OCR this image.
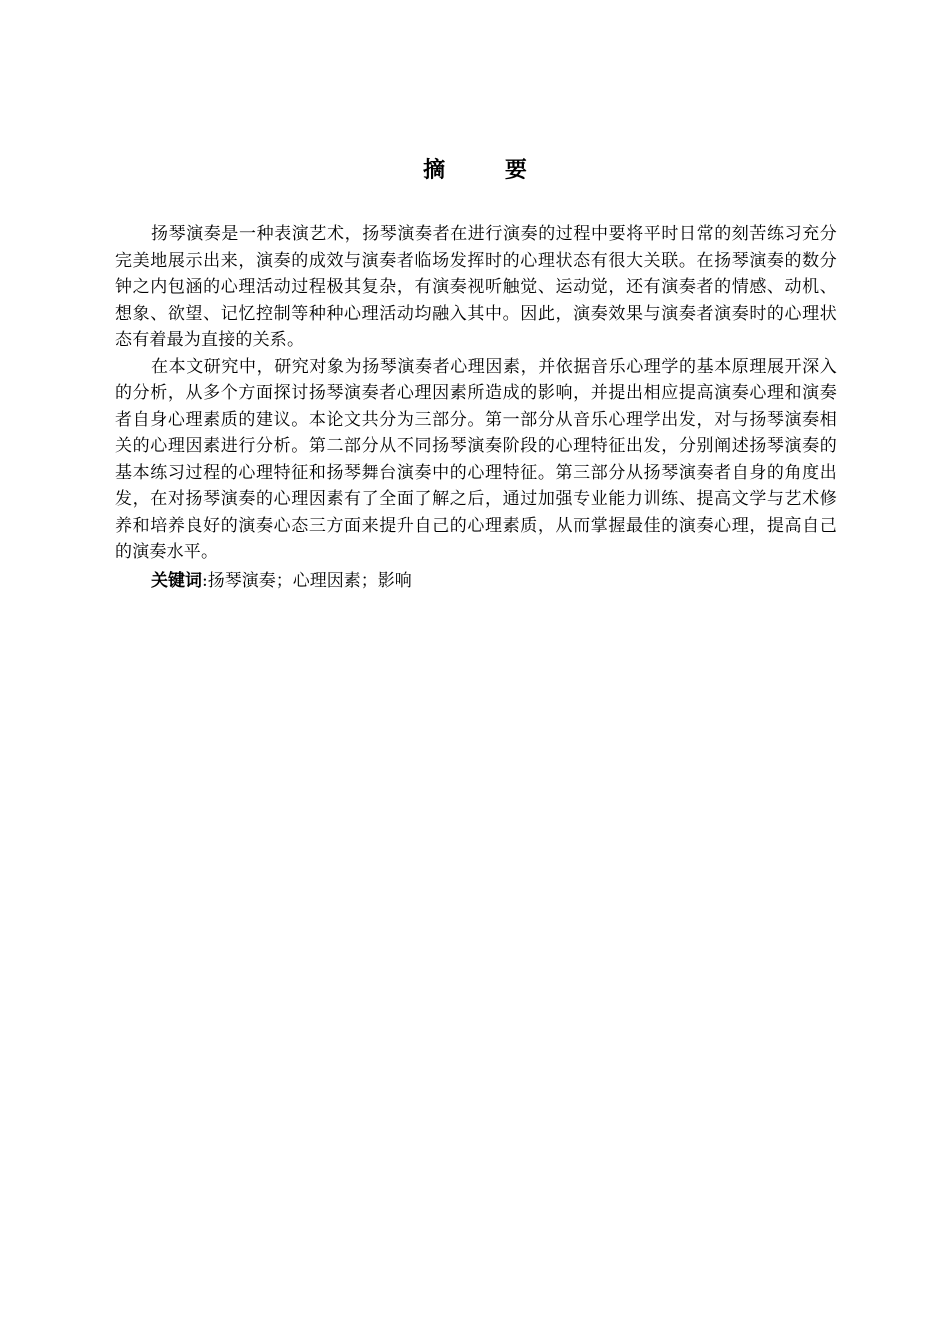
摘 要

扬琴演奏是一种表演艺术，扬琴演奏者在进行演奏的过程中要将平时日常的刻苦练习充分完美地展示出来，演奏的成效与演奏者临场发挥时的心理状态有很大关联。在扬琴演奏的数分钟之内包涵的心理活动过程极其复杂，有演奏视听触觉、运动觉，还有演奏者的情感、动机、想象、欲望、记忆控制等种种心理活动均融入其中。因此，演奏效果与演奏者演奏时的心理状态有着最为直接的关系。

在本文研究中，研究对象为扬琴演奏者心理因素，并依据音乐心理学的基本原理展开深入的分析，从多个方面探讨扬琴演奏者心理因素所造成的影响，并提出相应提高演奏心理和演奏者自身心理素质的建议。本论文共分为三部分。第一部分从音乐心理学出发，对与扬琴演奏相关的心理因素进行分析。第二部分从不同扬琴演奏阶段的心理特征出发，分别阐述扬琴演奏的基本练习过程的心理特征和扬琴舞台演奏中的心理特征。第三部分从扬琴演奏者自身的角度出发，在对扬琴演奏的心理因素有了全面了解之后，通过加强专业能力训练、提高文学与艺术修养和培养良好的演奏心态三方面来提升自己的心理素质，从而掌握最佳的演奏心理，提高自己的演奏水平。

关键词:扬琴演奏；心理因素；影响
